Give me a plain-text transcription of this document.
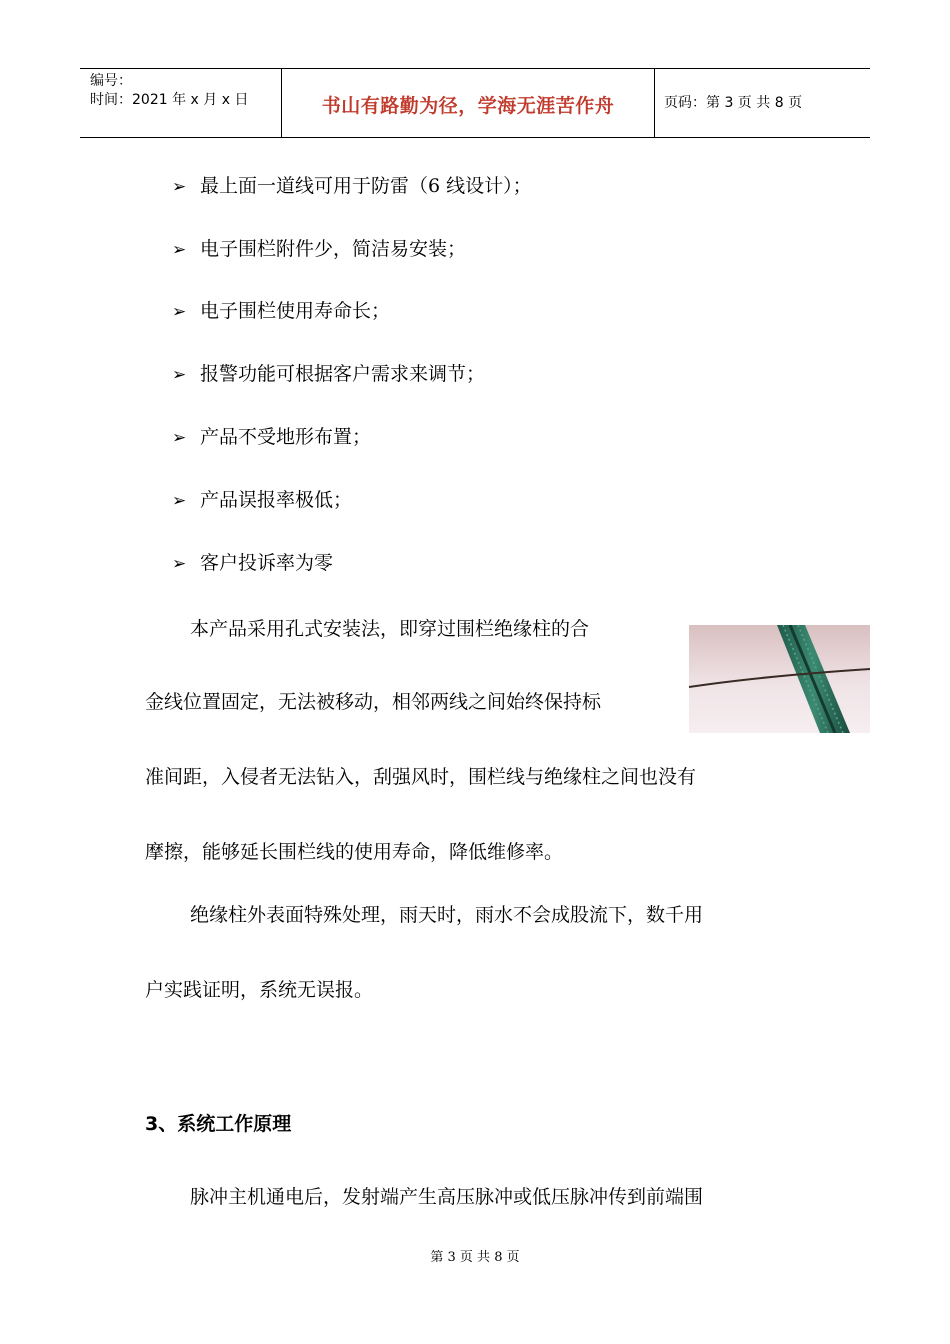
编号：
时间：2021 年 x 月 x 日	书山有路勤为径，学海无涯苦作舟	页码：第 3 页 共 8 页
➢ 最上面一道线可用于防雷（6 线设计）；
➢ 电子围栏附件少，简洁易安装；
➢ 电子围栏使用寿命长；
➢ 报警功能可根据客户需求来调节；
➢ 产品不受地形布置；
➢ 产品误报率极低；
➢ 客户投诉率为零
本产品采用孔式安装法，即穿过围栏绝缘柱的合
金线位置固定，无法被移动，相邻两线之间始终保持标
准间距，入侵者无法钻入，刮强风时，围栏线与绝缘柱之间也没有
摩擦，能够延长围栏线的使用寿命，降低维修率。
绝缘柱外表面特殊处理，雨天时，雨水不会成股流下，数千用
户实践证明，系统无误报。
3、系统工作原理
脉冲主机通电后，发射端产生高压脉冲或低压脉冲传到前端围
第 3 页 共 8 页
